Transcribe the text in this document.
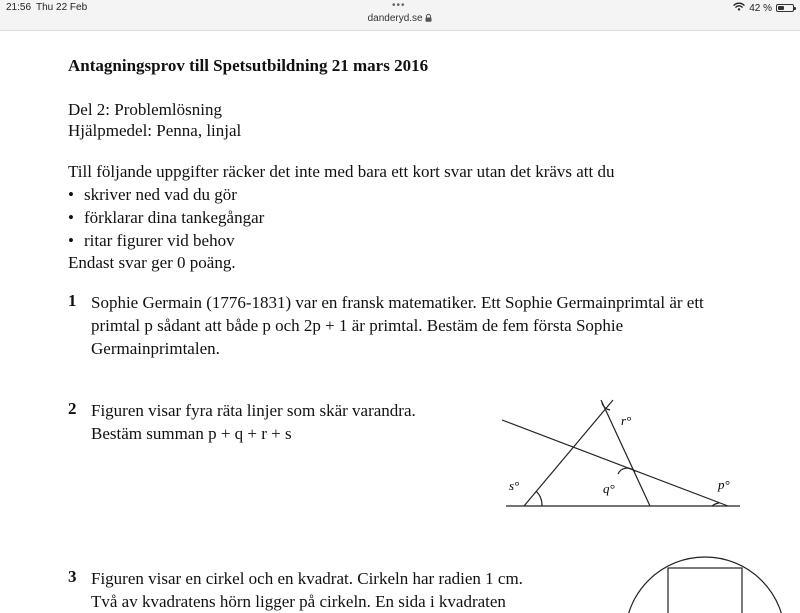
21:56 Thu 22 Feb	•••
danderyd.se
42 %
Antagningsprov till Spetsutbildning 21 mars 2016
Del 2: Problemlösning
Hjälpmedel: Penna, linjal
Till följande uppgifter räcker det inte med bara ett kort svar utan det krävs att du
• skriver ned vad du gör
• förklarar dina tankegångar
• ritar figurer vid behov
Endast svar ger 0 poäng.
1 Sophie Germain (1776-1831) var en fransk matematiker. Ett Sophie Germainprimtal är ett
primtal p sådant att både p och 2p + 1 är primtal. Bestäm de fem första Sophie
Germainprimtalen.
2 Figuren visar fyra räta linjer som skär varandra.
Bestäm summan p + q + r + s
s°
r°
q°	p°
3 Figuren visar en cirkel och en kvadrat. Cirkeln har radien 1 cm.
Två av kvadratens hörn ligger på cirkeln. En sida i kvadraten
